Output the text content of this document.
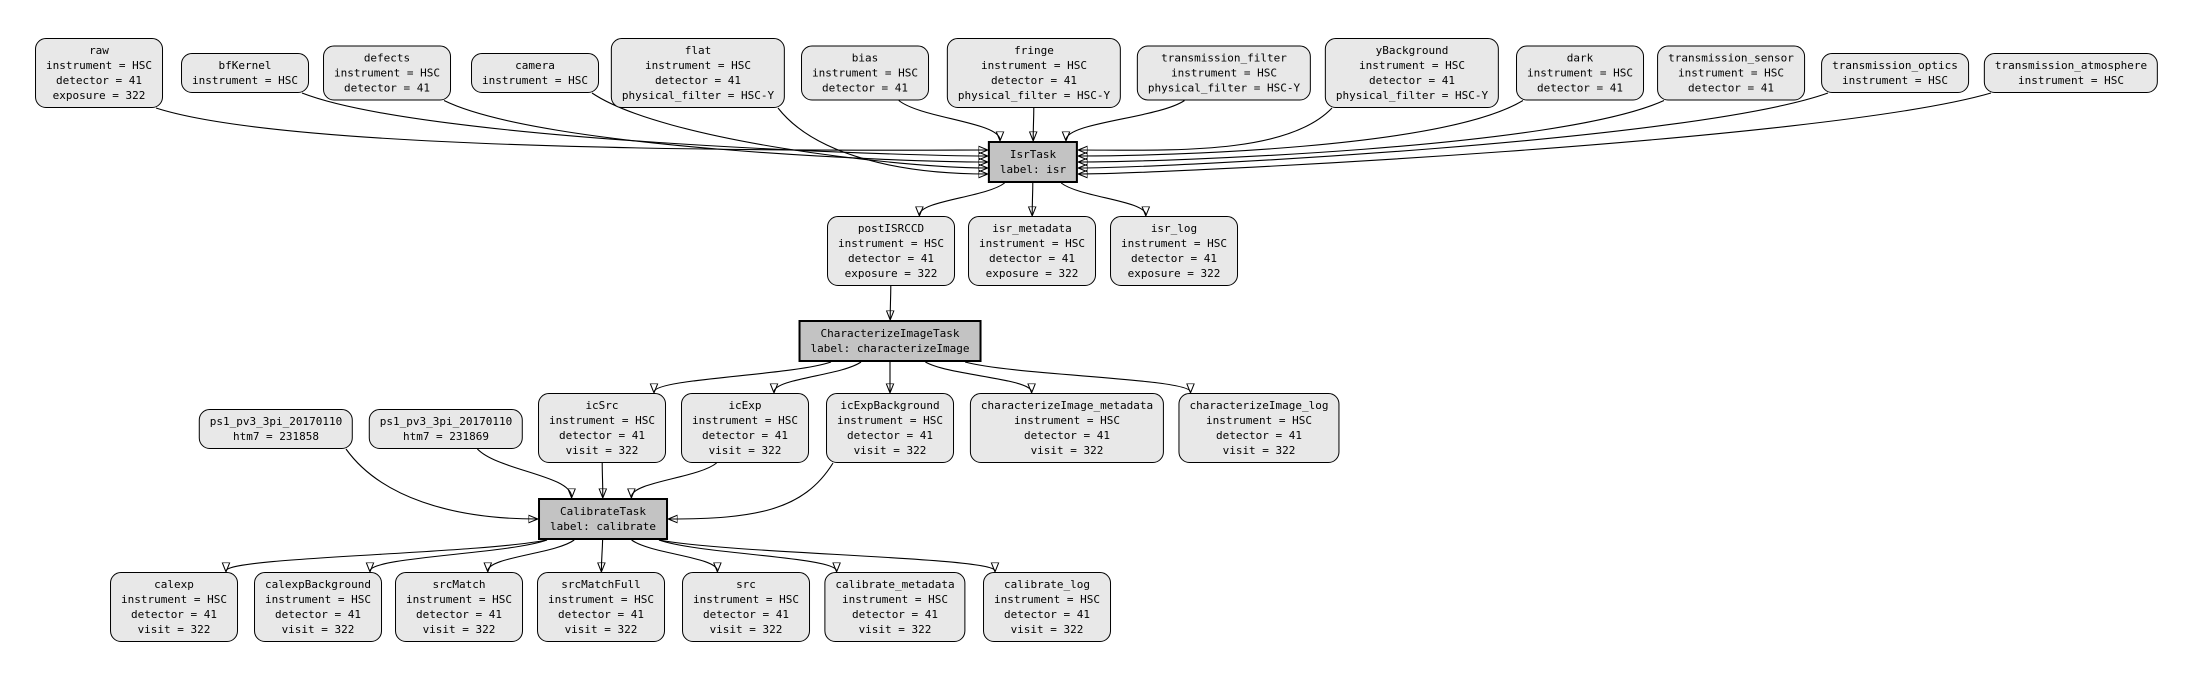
raw
instrument = HSC
detector = 41
exposure = 322
bfKernel
instrument = HSC
defects
instrument = HSC
detector = 41
camera
instrument = HSC
flat
instrument = HSC
detector = 41
physical_filter = HSC-Y
bias
instrument = HSC
detector = 41
fringe
instrument = HSC
detector = 41
physical_filter = HSC-Y
transmission_filter
instrument = HSC
physical_filter = HSC-Y
yBackground
instrument = HSC
detector = 41
physical_filter = HSC-Y
dark
instrument = HSC
detector = 41
transmission_sensor
instrument = HSC
detector = 41
transmission_optics
instrument = HSC
transmission_atmosphere
instrument = HSC
IsrTask
label: isr
postISRCCD
instrument = HSC
detector = 41
exposure = 322
isr_metadata
instrument = HSC
detector = 41
exposure = 322
isr_log
instrument = HSC
detector = 41
exposure = 322
CharacterizeImageTask
label: characterizeImage
ps1_pv3_3pi_20170110
htm7 = 231858
ps1_pv3_3pi_20170110
htm7 = 231869
icSrc
instrument = HSC
detector = 41
visit = 322
icExp
instrument = HSC
detector = 41
visit = 322
icExpBackground
instrument = HSC
detector = 41
visit = 322
characterizeImage_metadata
instrument = HSC
detector = 41
visit = 322
characterizeImage_log
instrument = HSC
detector = 41
visit = 322
CalibrateTask
label: calibrate
calexp
instrument = HSC
detector = 41
visit = 322
calexpBackground
instrument = HSC
detector = 41
visit = 322
srcMatch
instrument = HSC
detector = 41
visit = 322
srcMatchFull
instrument = HSC
detector = 41
visit = 322
src
instrument = HSC
detector = 41
visit = 322
calibrate_metadata
instrument = HSC
detector = 41
visit = 322
calibrate_log
instrument = HSC
detector = 41
visit = 322
